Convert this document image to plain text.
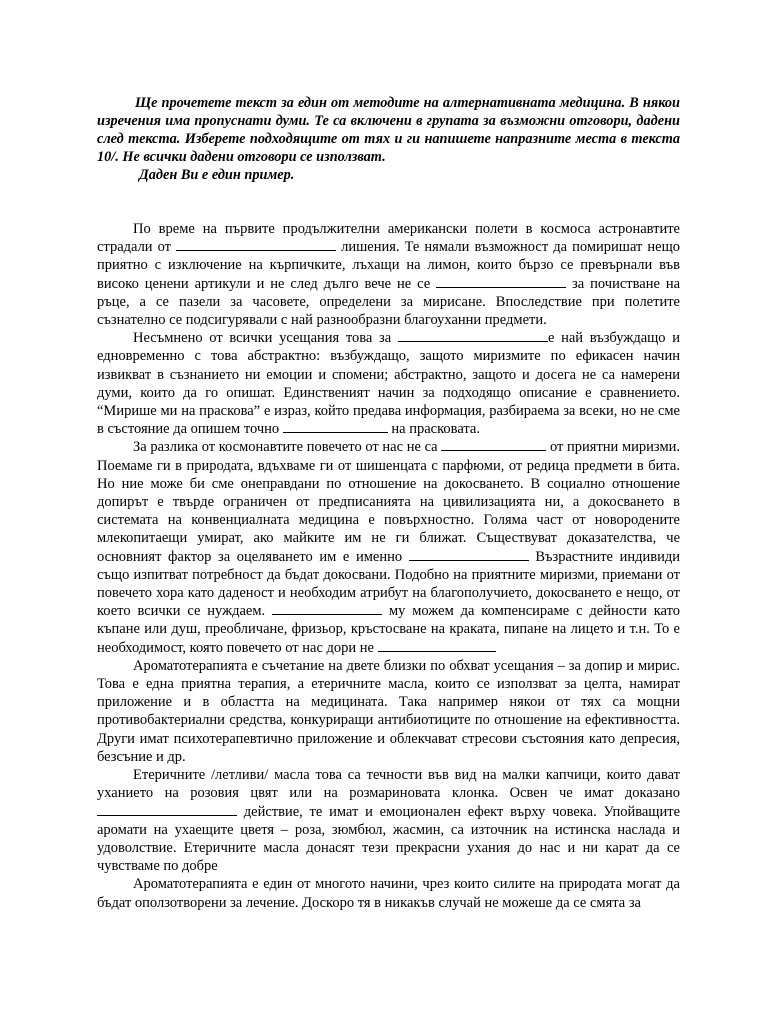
Ще прочетете текст за един от методите на алтернативната медицина. В някои изречения има пропуснати думи. Те са включени в групата за възможни отговори, дадени след текста. Изберете подходящите от тях и ги напишете напразните места в текста 10/. Не всички дадени отговори се използват.

Даден Ви е един пример.

По време на първите продължителни американски полети в космоса астронавтите страдали от	лишения. Те нямали възможност да помиришат нещо приятно с изключение на кърпичките, лъхащи на лимон, които бързо се превърнали във високо ценени артикули и не след дълго вече не се	за почистване на ръце, а се пазели за часовете, определени за мирисане. Впоследствие при полетите съзнателно се подсигурявали с най разнообразни благоуханни предмети.

Несъмнено от всички усещания това за	е най възбуждащо и едновременно с това абстрактно: възбуждащо, защото миризмите по ефикасен начин извикват в съзнанието ни емоции и спомени; абстрактно, защото и досега не са намерени думи, които да го опишат. Единственият начин за подходящо описание е сравнението. “Мирише ми на праскова” е израз, който предава информация, разбираема за всеки, но не сме в състояние да опишем точно	на прасковата.

За разлика от космонавтите повечето от нас не са	от приятни миризми. Поемаме ги в природата, вдъхваме ги от шишенцата с парфюми, от редица предмети в бита. Но ние може би сме онеправдани по отношение на докосването. В социално отношение допирът е твърде ограничен от предписанията на цивилизацията ни, а докосването в системата на конвенциалната медицина е повърхностно. Голяма част от новородените млекопитаещи умират, ако майките им не ги ближат. Съществуват доказателства, че основният фактор за оцеляването им е именно	Възрастните индивиди също изпитват потребност да бъдат докосвани. Подобно на приятните миризми, приемани от повечето хора като даденост и необходим атрибут на благополучието, докосването е нещо, от което всички се нуждаем.	му можем да компенсираме с дейности като къпане или душ, преобличане, фризьор, кръстосване на краката, пипане на лицето и т.н. То е необходимост, която повечето от нас дори не

Ароматотерапията е съчетание на двете близки по обхват усещания – за допир и мирис. Това е една приятна терапия, а етеричните масла, които се използват за целта, намират приложение и в областта на медицината. Така например някои от тях са мощни противобактериални средства, конкуриращи антибиотиците по отношение на ефективността. Други имат психотерапевтично приложение и облекчават стресови състояния като депресия, безсъние и др.

Етеричните /летливи/ масла това са течности във вид на малки капчици, които дават уханието на розовия цвят или на розмариновата клонка. Освен че имат доказано  действие, те имат и емоционален ефект върху човека. Упойващите аромати на ухаещите цветя – роза, зюмбюл, жасмин, са източник на истинска наслада и удоволствие. Етеричните масла донасят тези прекрасни ухания до нас и ни карат да се чувстваме по добре

Ароматотерапията е един от многото начини, чрез които силите на природата могат да бъдат оползотворени за лечение. Доскоро тя в никакъв случай не можеше да се смята за
